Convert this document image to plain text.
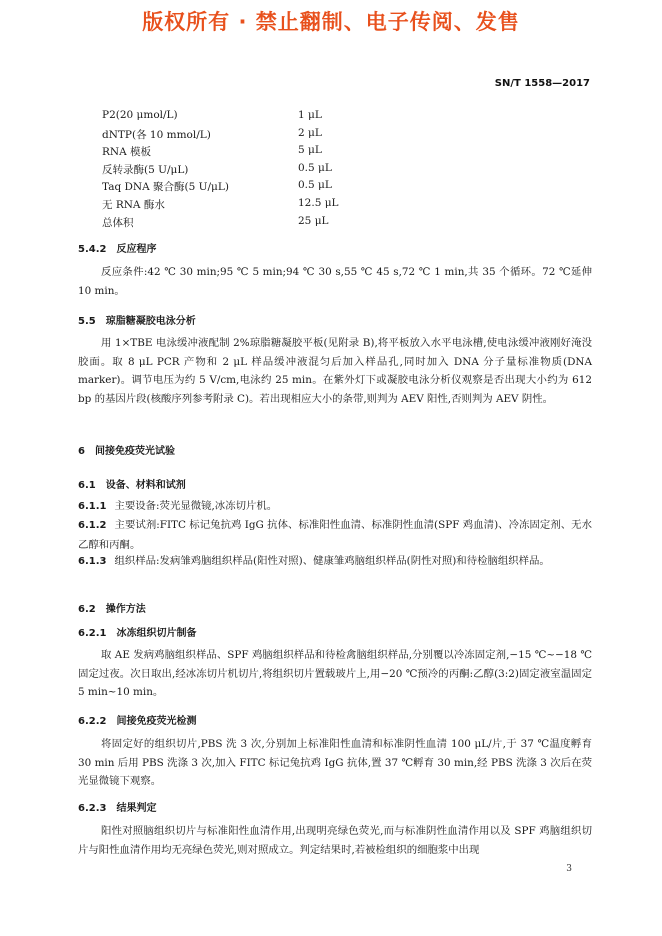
版权所有 · 禁止翻制、电子传阅、发售
SN/T 1558—2017
P2(20 μmol/L)	1 μL
dNTP(各 10 mmol/L)	2 μL
RNA 模板	5 μL
反转录酶(5 U/μL)	0.5 μL
Taq DNA 聚合酶(5 U/μL)	0.5 μL
无 RNA 酶水	12.5 μL
总体积	25 μL
5.4.2 反应程序
反应条件:42 ℃ 30 min;95 ℃ 5 min;94 ℃ 30 s,55 ℃ 45 s,72 ℃ 1 min,共 35 个循环。72 ℃延伸 10 min。
5.5 琼脂糖凝胶电泳分析
用 1×TBE 电泳缓冲液配制 2%琼脂糖凝胶平板(见附录 B),将平板放入水平电泳槽,使电泳缓冲液刚好淹没胶面。取 8 μL PCR 产物和 2 μL 样品缓冲液混匀后加入样品孔,同时加入 DNA 分子量标准物质(DNA marker)。调节电压为约 5 V/cm,电泳约 25 min。在紫外灯下或凝胶电泳分析仪观察是否出现大小约为 612 bp 的基因片段(核酸序列参考附录 C)。若出现相应大小的条带,则判为 AEV 阳性,否则判为 AEV 阴性。
6 间接免疫荧光试验
6.1 设备、材料和试剂
6.1.1 主要设备:荧光显微镜,冰冻切片机。
6.1.2 主要试剂:FITC 标记兔抗鸡 IgG 抗体、标准阳性血清、标准阴性血清(SPF 鸡血清)、冷冻固定剂、无水乙醇和丙酮。
6.1.3 组织样品:发病雏鸡脑组织样品(阳性对照)、健康雏鸡脑组织样品(阴性对照)和待检脑组织样品。
6.2 操作方法
6.2.1 冰冻组织切片制备
取 AE 发病鸡脑组织样品、SPF 鸡脑组织样品和待检禽脑组织样品,分别覆以冷冻固定剂,−15 ℃~−18 ℃固定过夜。次日取出,经冰冻切片机切片,将组织切片置载玻片上,用−20 ℃预冷的丙酮:乙醇(3:2)固定液室温固定 5 min~10 min。
6.2.2 间接免疫荧光检测
将固定好的组织切片,PBS 洗 3 次,分别加上标准阳性血清和标准阴性血清 100 μL/片,于 37 ℃温度孵育 30 min 后用 PBS 洗涤 3 次,加入 FITC 标记兔抗鸡 IgG 抗体,置 37 ℃孵育 30 min,经 PBS 洗涤 3 次后在荧光显微镜下观察。
6.2.3 结果判定
阳性对照脑组织切片与标准阳性血清作用,出现明亮绿色荧光,而与标准阴性血清作用以及 SPF 鸡脑组织切片与阳性血清作用均无亮绿色荧光,则对照成立。判定结果时,若被检组织的细胞浆中出现
3
